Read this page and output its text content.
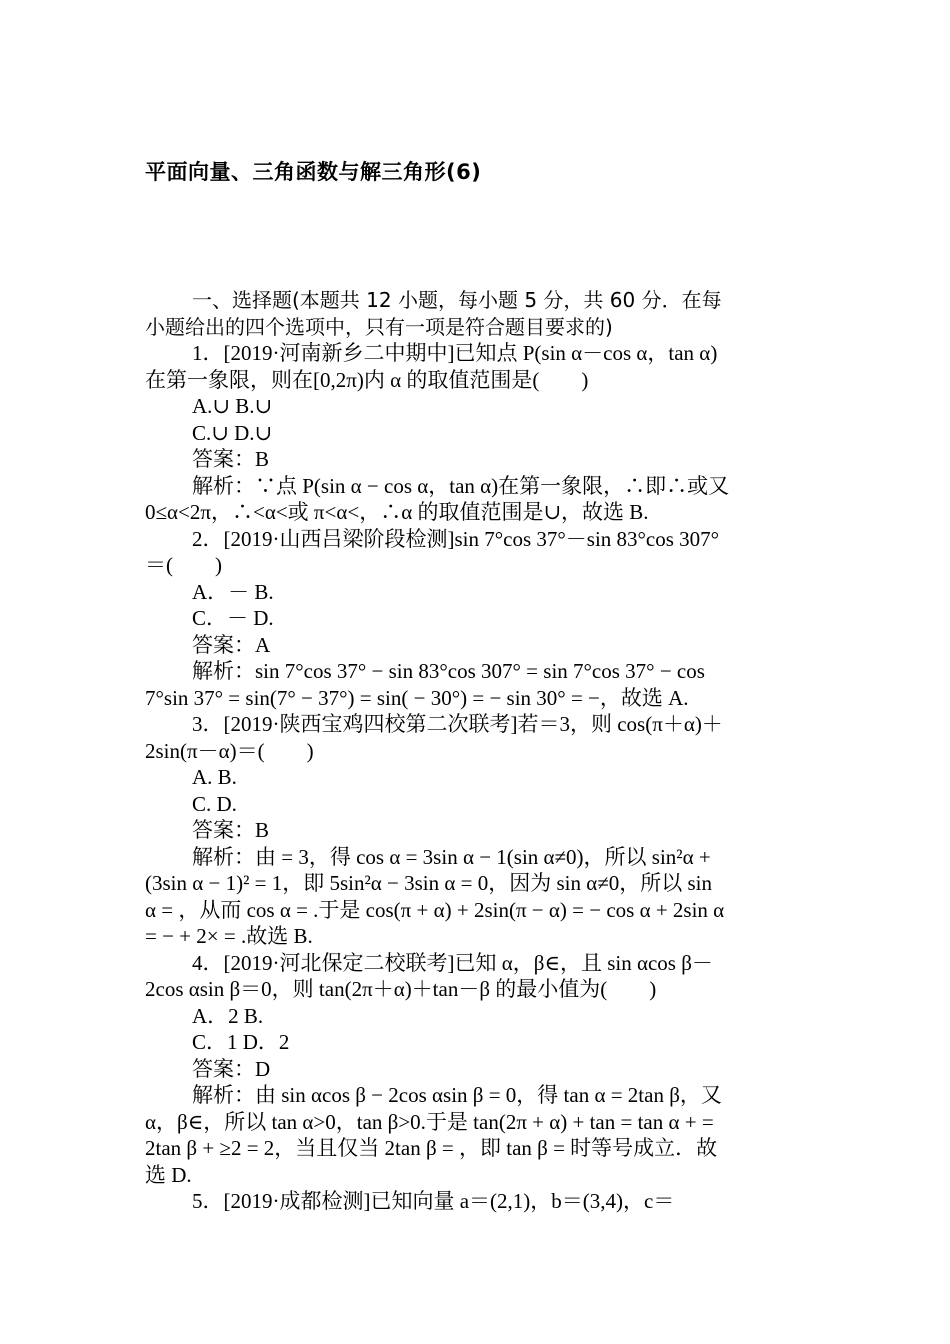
平面向量、三角函数与解三角形(6)
一、选择题(本题共 12 小题，每小题 5 分，共 60 分．在每
小题给出的四个选项中，只有一项是符合题目要求的)
1．[2019·河南新乡二中期中]已知点 P(sin α－cos α，tan α)
在第一象限，则在[0,2π)内 α 的取值范围是(　　)
A.∪ B.∪
C.∪ D.∪
答案：B
解析：∵点 P(sin α − cos α，tan α)在第一象限，∴即∴或又
0≤α<2π，∴<α<或 π<α<，∴α 的取值范围是∪，故选 B.
2．[2019·山西吕梁阶段检测]sin 7°cos 37°－sin 83°cos 307°
＝(　　)
A．－ B.
C．－ D.
答案：A
解析：sin 7°cos 37° − sin 83°cos 307° = sin 7°cos 37° − cos
7°sin 37° = sin(7° − 37°) = sin( − 30°) = − sin 30° = −，故选 A.
3．[2019·陕西宝鸡四校第二次联考]若＝3，则 cos(π＋α)＋
2sin(π－α)＝(　　)
A. B.
C. D.
答案：B
解析：由 = 3，得 cos α = 3sin α − 1(sin α≠0)，所以 sin²α +
(3sin α − 1)² = 1，即 5sin²α − 3sin α = 0，因为 sin α≠0，所以 sin
α = ，从而 cos α = .于是 cos(π + α) + 2sin(π − α) = − cos α + 2sin α
= − + 2× = .故选 B.
4．[2019·河北保定二校联考]已知 α，β∈，且 sin αcos β－
2cos αsin β＝0，则 tan(2π＋α)＋tan－β 的最小值为(　　)
A．2 B.
C．1 D．2
答案：D
解析：由 sin αcos β − 2cos αsin β = 0，得 tan α = 2tan β，又
α，β∈，所以 tan α>0，tan β>0.于是 tan(2π + α) + tan = tan α + =
2tan β + ≥2 = 2，当且仅当 2tan β = ，即 tan β = 时等号成立．故
选 D.
5．[2019·成都检测]已知向量 a＝(2,1)，b＝(3,4)，c＝
